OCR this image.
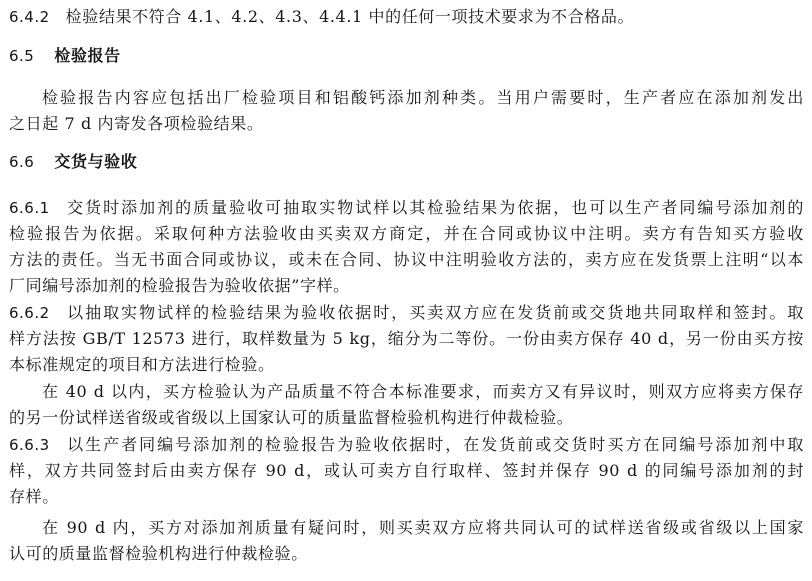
6.4.2 检验结果不符合 4.1、4.2、4.3、4.4.1 中的任何一项技术要求为不合格品。
6.5 检验报告
检验报告内容应包括出厂检验项目和铝酸钙添加剂种类。当用户需要时，生产者应在添加剂发出
之日起 7 d 内寄发各项检验结果。
6.6 交货与验收
6.6.1 交货时添加剂的质量验收可抽取实物试样以其检验结果为依据，也可以生产者同编号添加剂的
检验报告为依据。采取何种方法验收由买卖双方商定，并在合同或协议中注明。卖方有告知买方验收
方法的责任。当无书面合同或协议，或未在合同、协议中注明验收方法的，卖方应在发货票上注明“以本
厂同编号添加剂的检验报告为验收依据”字样。
6.6.2 以抽取实物试样的检验结果为验收依据时，买卖双方应在发货前或交货地共同取样和签封。取
样方法按 GB/T 12573 进行，取样数量为 5 kg，缩分为二等份。一份由卖方保存 40 d，另一份由买方按
本标准规定的项目和方法进行检验。
在 40 d 以内，买方检验认为产品质量不符合本标准要求，而卖方又有异议时，则双方应将卖方保存
的另一份试样送省级或省级以上国家认可的质量监督检验机构进行仲裁检验。
6.6.3 以生产者同编号添加剂的检验报告为验收依据时，在发货前或交货时买方在同编号添加剂中取
样，双方共同签封后由卖方保存 90 d，或认可卖方自行取样、签封并保存 90 d 的同编号添加剂的封
存样。
在 90 d 内，买方对添加剂质量有疑问时，则买卖双方应将共同认可的试样送省级或省级以上国家
认可的质量监督检验机构进行仲裁检验。
